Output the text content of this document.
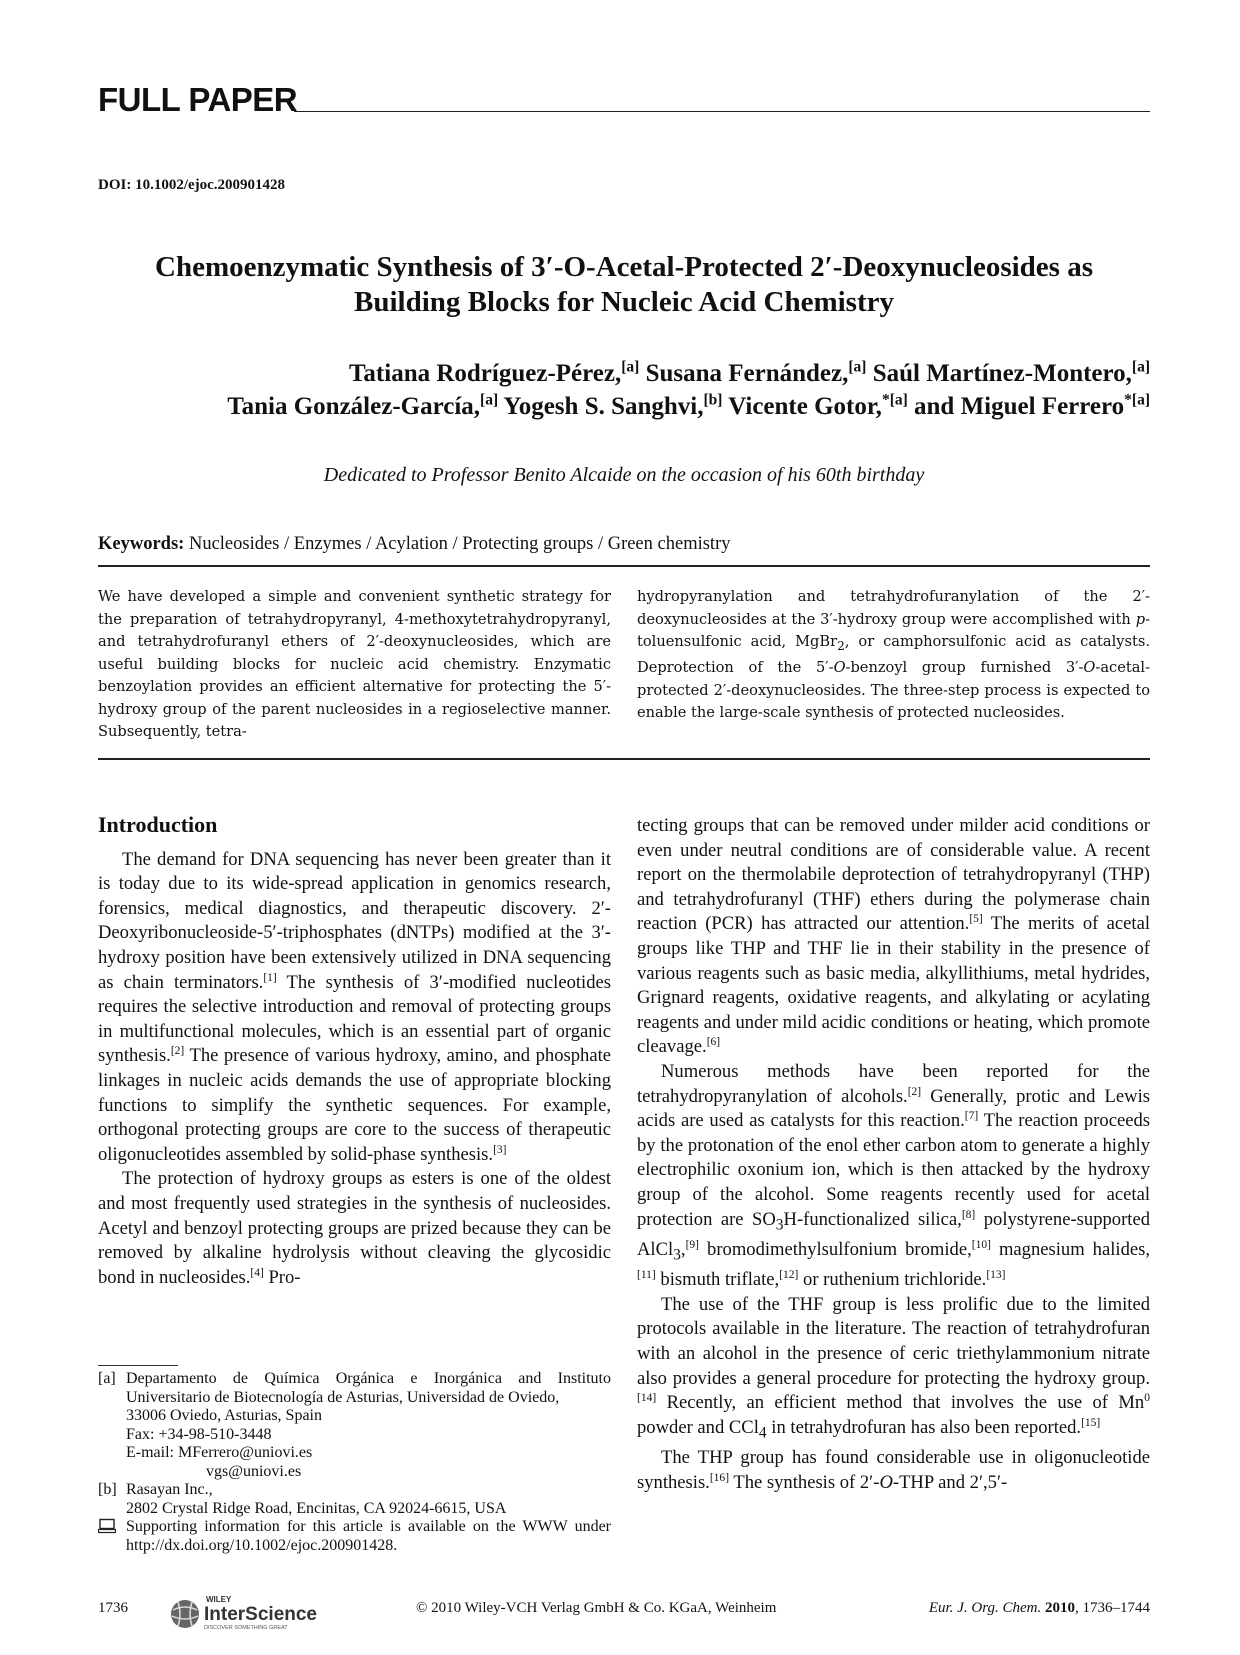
FULL PAPER
DOI: 10.1002/ejoc.200901428
Chemoenzymatic Synthesis of 3′-O-Acetal-Protected 2′-Deoxynucleosides as
Building Blocks for Nucleic Acid Chemistry
Tatiana Rodríguez-Pérez,[a] Susana Fernández,[a] Saúl Martínez-Montero,[a]
Tania González-García,[a] Yogesh S. Sanghvi,[b] Vicente Gotor,$^{*[a]}$ and Miguel Ferrero$^{*[a]}$
Dedicated to Professor Benito Alcaide on the occasion of his 60th birthday
Keywords: Nucleosides / Enzymes / Acylation / Protecting groups / Green chemistry
We have developed a simple and convenient synthetic strategy for the preparation of tetrahydropyranyl, 4-methoxytetrahydropyranyl, and tetrahydrofuranyl ethers of 2′-deoxynucleosides, which are useful building blocks for nucleic acid chemistry. Enzymatic benzoylation provides an efficient alternative for protecting the 5′-hydroxy group of the parent nucleosides in a regioselective manner. Subsequently, tetra-
hydropyranylation and tetrahydrofuranylation of the 2′-deoxynucleosides at the 3′-hydroxy group were accomplished with p-toluensulfonic acid, MgBr$_2$, or camphorsulfonic acid as catalysts. Deprotection of the 5′-O-benzoyl group furnished 3′-O-acetal-protected 2′-deoxynucleosides. The three-step process is expected to enable the large-scale synthesis of protected nucleosides.
Introduction

The demand for DNA sequencing has never been greater than it is today due to its wide-spread application in genomics research, forensics, medical diagnostics, and therapeutic discovery. 2′-Deoxyribonucleoside-5′-triphosphates (dNTPs) modified at the 3′-hydroxy position have been extensively utilized in DNA sequencing as chain terminators.[1] The synthesis of 3′-modified nucleotides requires the selective introduction and removal of protecting groups in multifunctional molecules, which is an essential part of organic synthesis.[2] The presence of various hydroxy, amino, and phosphate linkages in nucleic acids demands the use of appropriate blocking functions to simplify the synthetic sequences. For example, orthogonal protecting groups are core to the success of therapeutic oligonucleotides assembled by solid-phase synthesis.[3]

The protection of hydroxy groups as esters is one of the oldest and most frequently used strategies in the synthesis of nucleosides. Acetyl and benzoyl protecting groups are prized because they can be removed by alkaline hydrolysis without cleaving the glycosidic bond in nucleosides.[4] Pro-

tecting groups that can be removed under milder acid conditions or even under neutral conditions are of considerable value. A recent report on the thermolabile deprotection of tetrahydropyranyl (THP) and tetrahydrofuranyl (THF) ethers during the polymerase chain reaction (PCR) has attracted our attention.[5] The merits of acetal groups like THP and THF lie in their stability in the presence of various reagents such as basic media, alkyllithiums, metal hydrides, Grignard reagents, oxidative reagents, and alkylating or acylating reagents and under mild acidic conditions or heating, which promote cleavage.[6]

Numerous methods have been reported for the tetrahydropyranylation of alcohols.[2] Generally, protic and Lewis acids are used as catalysts for this reaction.[7] The reaction proceeds by the protonation of the enol ether carbon atom to generate a highly electrophilic oxonium ion, which is then attacked by the hydroxy group of the alcohol. Some reagents recently used for acetal protection are $SO_3H$-functionalized silica,[8] polystyrene-supported AlCl$_3$,[9] bromodimethylsulfonium bromide,[10] magnesium halides,[11] bismuth triflate,[12] or ruthenium trichloride.[13]

The use of the THF group is less prolific due to the limited protocols available in the literature. The reaction of tetrahydrofuran with an alcohol in the presence of ceric triethylammonium nitrate also provides a general procedure for protecting the hydroxy group.[14] Recently, an efficient method that involves the use of Mn$^0$ powder and CCl$_4$ in tetrahydrofuran has also been reported.[15]

The THP group has found considerable use in oligonucleotide synthesis.[16] The synthesis of 2′-O-THP and 2′,5′-

[a] Departamento de Química Orgánica e Inorgánica and Instituto Universitario de Biotecnología de Asturias, Universidad de Oviedo,
33006 Oviedo, Asturias, Spain
Fax: +34-98-510-3448
E-mail: MFerrero@uniovi.es
vgs@uniovi.es
[b] Rasayan Inc.,
2802 Crystal Ridge Road, Encinitas, CA 92024-6615, USA
Supporting information for this article is available on the WWW under http://dx.doi.org/10.1002/ejoc.200901428.
1736
WILEY
InterScience
DISCOVER SOMETHING GREAT
© 2010 Wiley-VCH Verlag GmbH & Co. KGaA, Weinheim	Eur. J. Org. Chem. 2010, 1736–1744
